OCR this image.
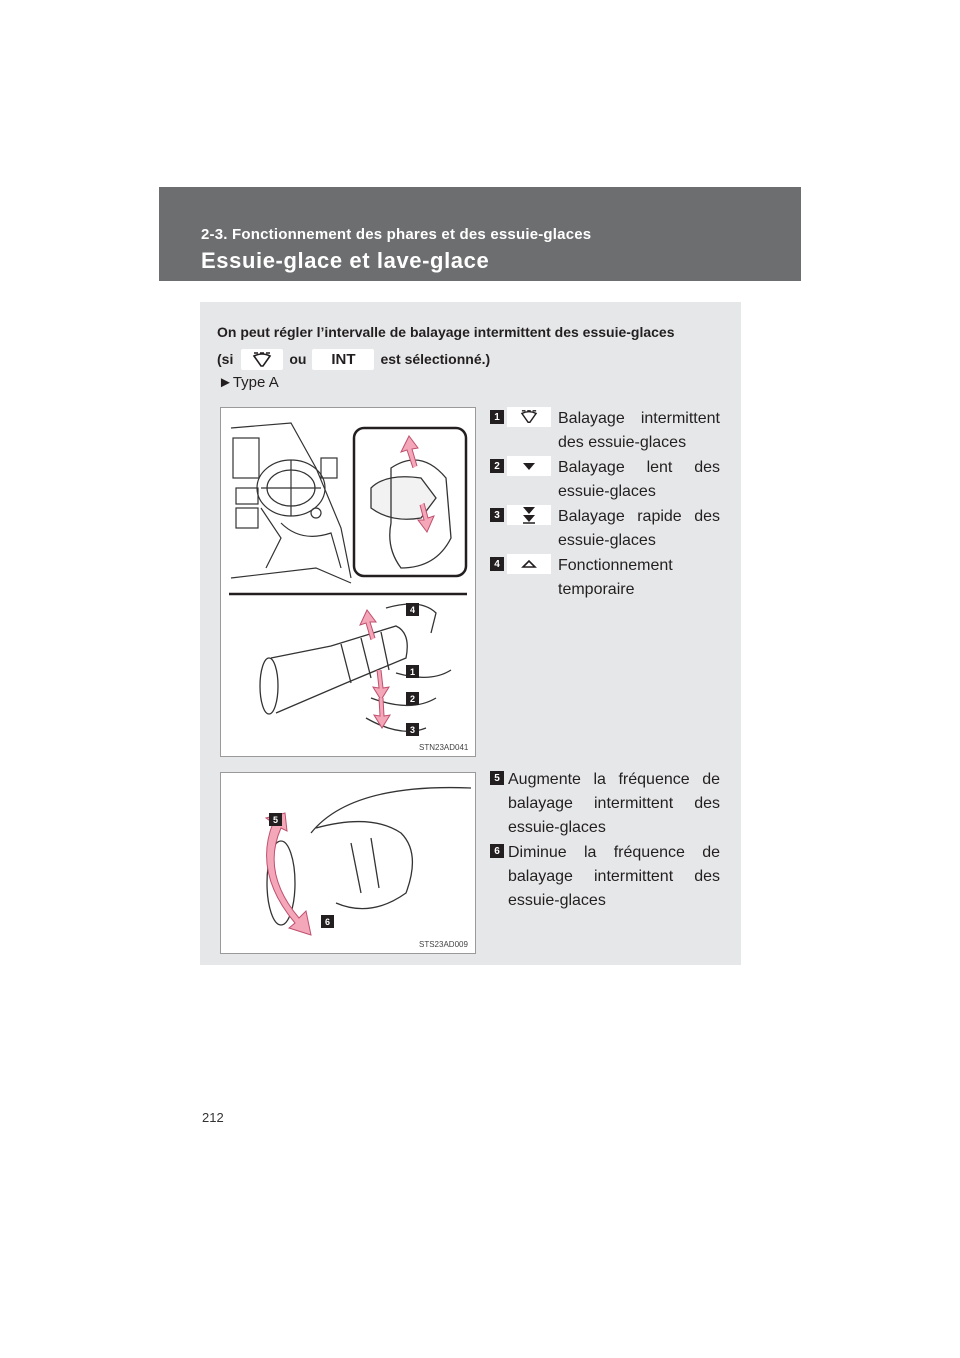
2-3. Fonctionnement des phares et des essuie-glaces
Essuie-glace et lave-glace
On peut régler l’intervalle de balayage intermittent des essuie-glaces
(si	ou	INT	est sélectionné.)
►Type A
4
1
2
3
STN23AD041
5
6
STS23AD009
1	Balayage intermittent des essuie-glaces
2	Balayage lent des essuie-glaces
3	Balayage rapide des essuie-glaces
4	Fonctionnement temporaire
5 Augmente la fréquence de balayage intermittent des essuie-glaces
6 Diminue la fréquence de balayage intermittent des essuie-glaces
212
